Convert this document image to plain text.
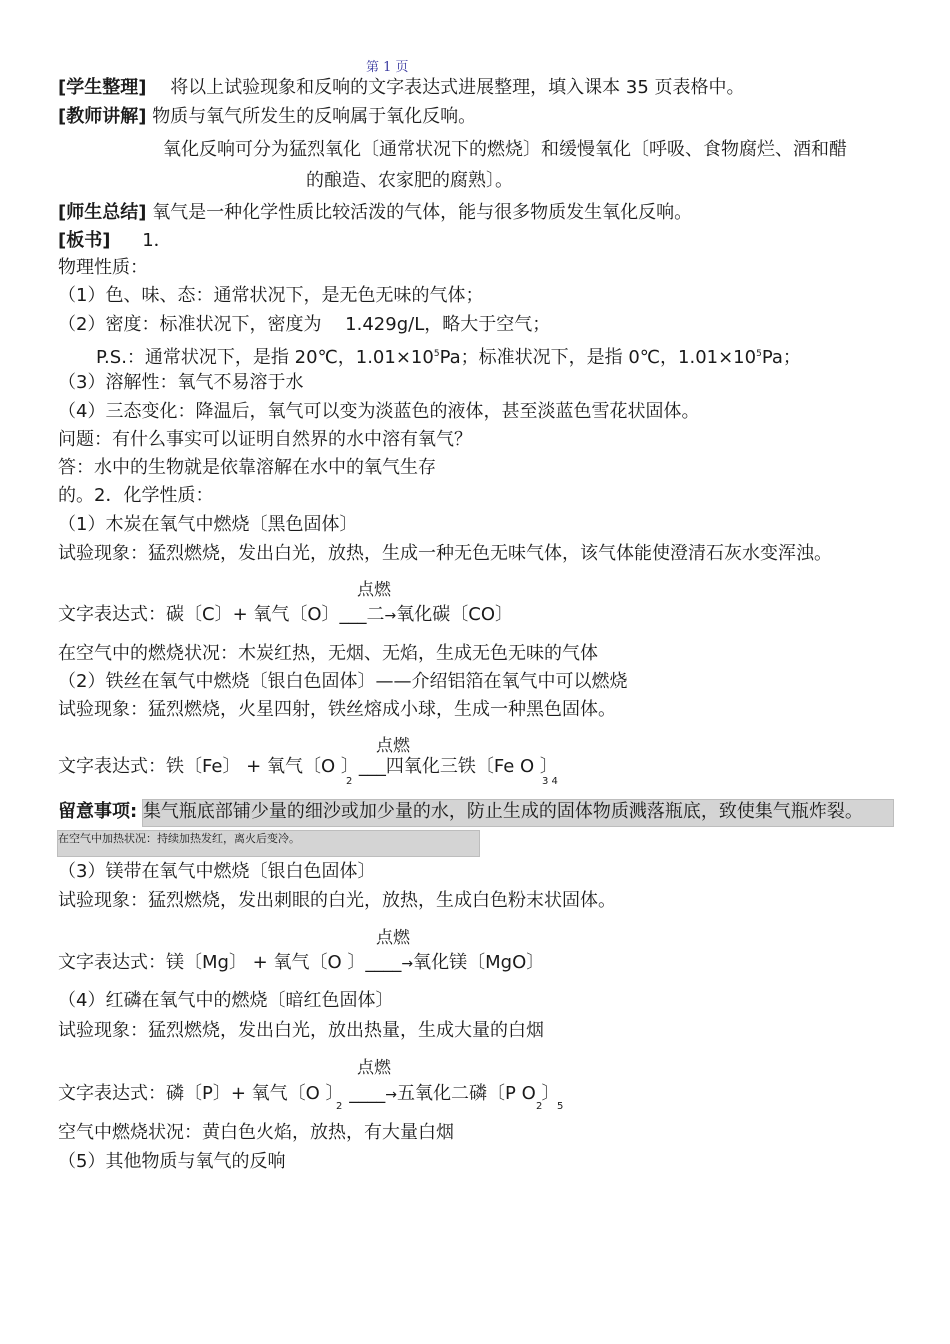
第 1 页
[学生整理] 将以上试验现象和反响的文字表达式进展整理，填入课本 35 页表格中。
[教师讲解] 物质与氧气所发生的反响属于氧化反响。
氧化反响可分为猛烈氧化〔通常状况下的燃烧〕和缓慢氧化〔呼吸、食物腐烂、酒和醋
的酿造、农家肥的腐熟〕。
[师生总结] 氧气是一种化学性质比较活泼的气体，能与很多物质发生氧化反响。
[板书] 1．
物理性质：
（1）色、味、态：通常状况下，是无色无味的气体；
（2）密度：标准状况下，密度为 　1.429g/L，略大于空气；
P.S.：通常状况下，是指 20℃，$1.01\times 10^5Pa$；标准状况下，是指 0℃，$1.01\times 10^5Pa$；
（3）溶解性：氧气不易溶于水
（4）三态变化：降温后，氧气可以变为淡蓝色的液体，甚至淡蓝色雪花状固体。
问题：有什么事实可以证明自然界的水中溶有氧气？
答：水中的生物就是依靠溶解在水中的氧气生存
的。2．化学性质：
（1）木炭在氧气中燃烧〔黑色固体〕
试验现象：猛烈燃烧，发出白光，放热，生成一种无色无味气体，该气体能使澄清石灰水变浑浊。
点燃
文字表达式：碳〔C〕+ 氧气〔O〕___二→氧化碳〔CO〕
在空气中的燃烧状况：木炭红热，无烟、无焰，生成无色无味的气体
（2）铁丝在氧气中燃烧〔银白色固体〕——介绍铝箔在氧气中可以燃烧
试验现象：猛烈燃烧，火星四射，铁丝熔成小球，生成一种黑色固体。
点燃
文字表达式：铁〔Fe〕 + 氧气〔O 〕___四氧化三铁〔Fe O 〕
2	3 4
留意事项: 集气瓶底部铺少量的细沙或加少量的水，防止生成的固体物质溅落瓶底，致使集气瓶炸裂。
在空气中加热状况：持续加热发红，离火后变冷。
（3）镁带在氧气中燃烧〔银白色固体〕
试验现象：猛烈燃烧，发出刺眼的白光，放热，生成白色粉末状固体。
点燃
文字表达式：镁〔Mg〕 + 氧气〔O 〕____→氧化镁〔MgO〕
（4）红磷在氧气中的燃烧〔暗红色固体〕
试验现象：猛烈燃烧，发出白光，放出热量，生成大量的白烟
点燃
文字表达式：磷〔P〕+ 氧气〔O 〕 ____→五氧化二磷〔P O 〕
2	2 5
空气中燃烧状况：黄白色火焰，放热，有大量白烟
（5）其他物质与氧气的反响
